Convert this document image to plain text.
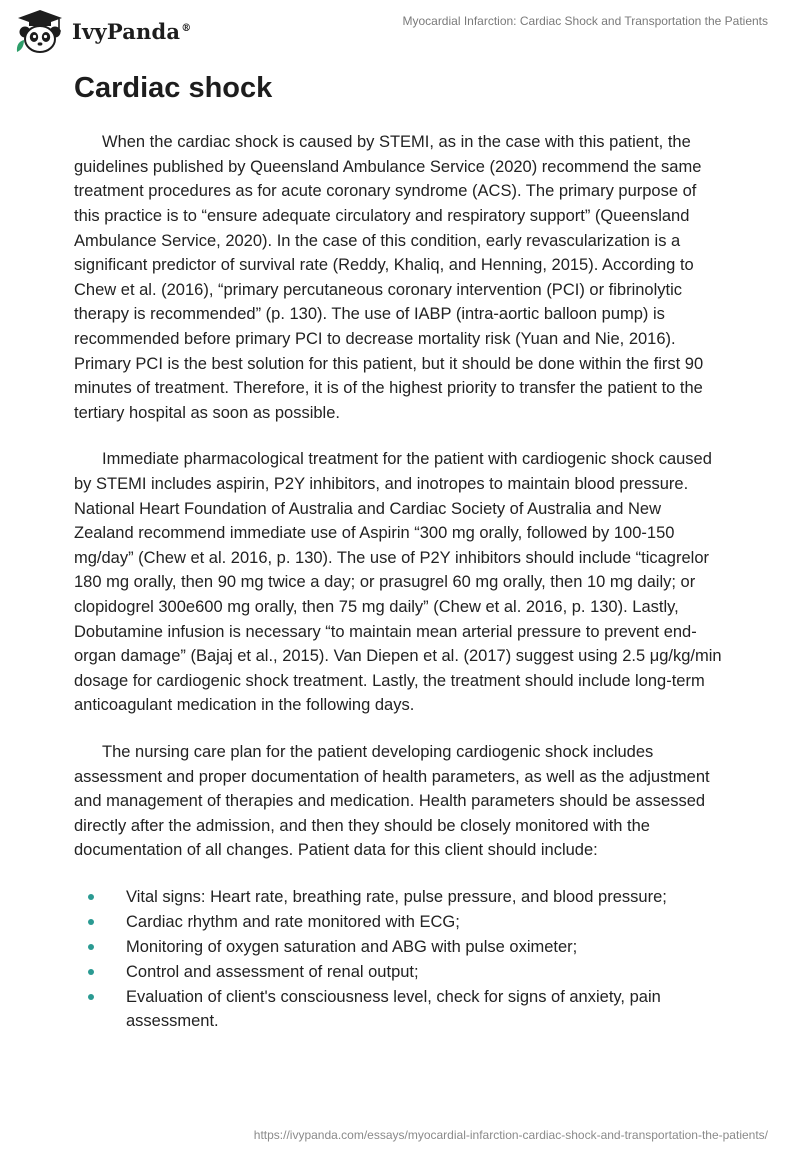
IvyPanda®	Myocardial Infarction: Cardiac Shock and Transportation the Patients
Cardiac shock

When the cardiac shock is caused by STEMI, as in the case with this patient, the guidelines published by Queensland Ambulance Service (2020) recommend the same treatment procedures as for acute coronary syndrome (ACS). The primary purpose of this practice is to “ensure adequate circulatory and respiratory support” (Queensland Ambulance Service, 2020). In the case of this condition, early revascularization is a significant predictor of survival rate (Reddy, Khaliq, and Henning, 2015). According to Chew et al. (2016), “primary percutaneous coronary intervention (PCI) or fibrinolytic therapy is recommended” (p. 130). The use of IABP (intra-aortic balloon pump) is recommended before primary PCI to decrease mortality risk (Yuan and Nie, 2016). Primary PCI is the best solution for this patient, but it should be done within the first 90 minutes of treatment. Therefore, it is of the highest priority to transfer the patient to the tertiary hospital as soon as possible.

Immediate pharmacological treatment for the patient with cardiogenic shock caused by STEMI includes aspirin, P2Y inhibitors, and inotropes to maintain blood pressure. National Heart Foundation of Australia and Cardiac Society of Australia and New Zealand recommend immediate use of Aspirin “300 mg orally, followed by 100-150 mg/day” (Chew et al. 2016, p. 130). The use of P2Y inhibitors should include “ticagrelor 180 mg orally, then 90 mg twice a day; or prasugrel 60 mg orally, then 10 mg daily; or clopidogrel 300e600 mg orally, then 75 mg daily” (Chew et al. 2016, p. 130). Lastly, Dobutamine infusion is necessary “to maintain mean arterial pressure to prevent end-organ damage” (Bajaj et al., 2015). Van Diepen et al. (2017) suggest using 2.5 μg/kg/min dosage for cardiogenic shock treatment. Lastly, the treatment should include long-term anticoagulant medication in the following days.

The nursing care plan for the patient developing cardiogenic shock includes assessment and proper documentation of health parameters, as well as the adjustment and management of therapies and medication. Health parameters should be assessed directly after the admission, and then they should be closely monitored with the documentation of all changes. Patient data for this client should include:

Vital signs: Heart rate, breathing rate, pulse pressure, and blood pressure;
Cardiac rhythm and rate monitored with ECG;
Monitoring of oxygen saturation and ABG with pulse oximeter;
Control and assessment of renal output;
Evaluation of client's consciousness level, check for signs of anxiety, pain assessment.
https://ivypanda.com/essays/myocardial-infarction-cardiac-shock-and-transportation-the-patients/
